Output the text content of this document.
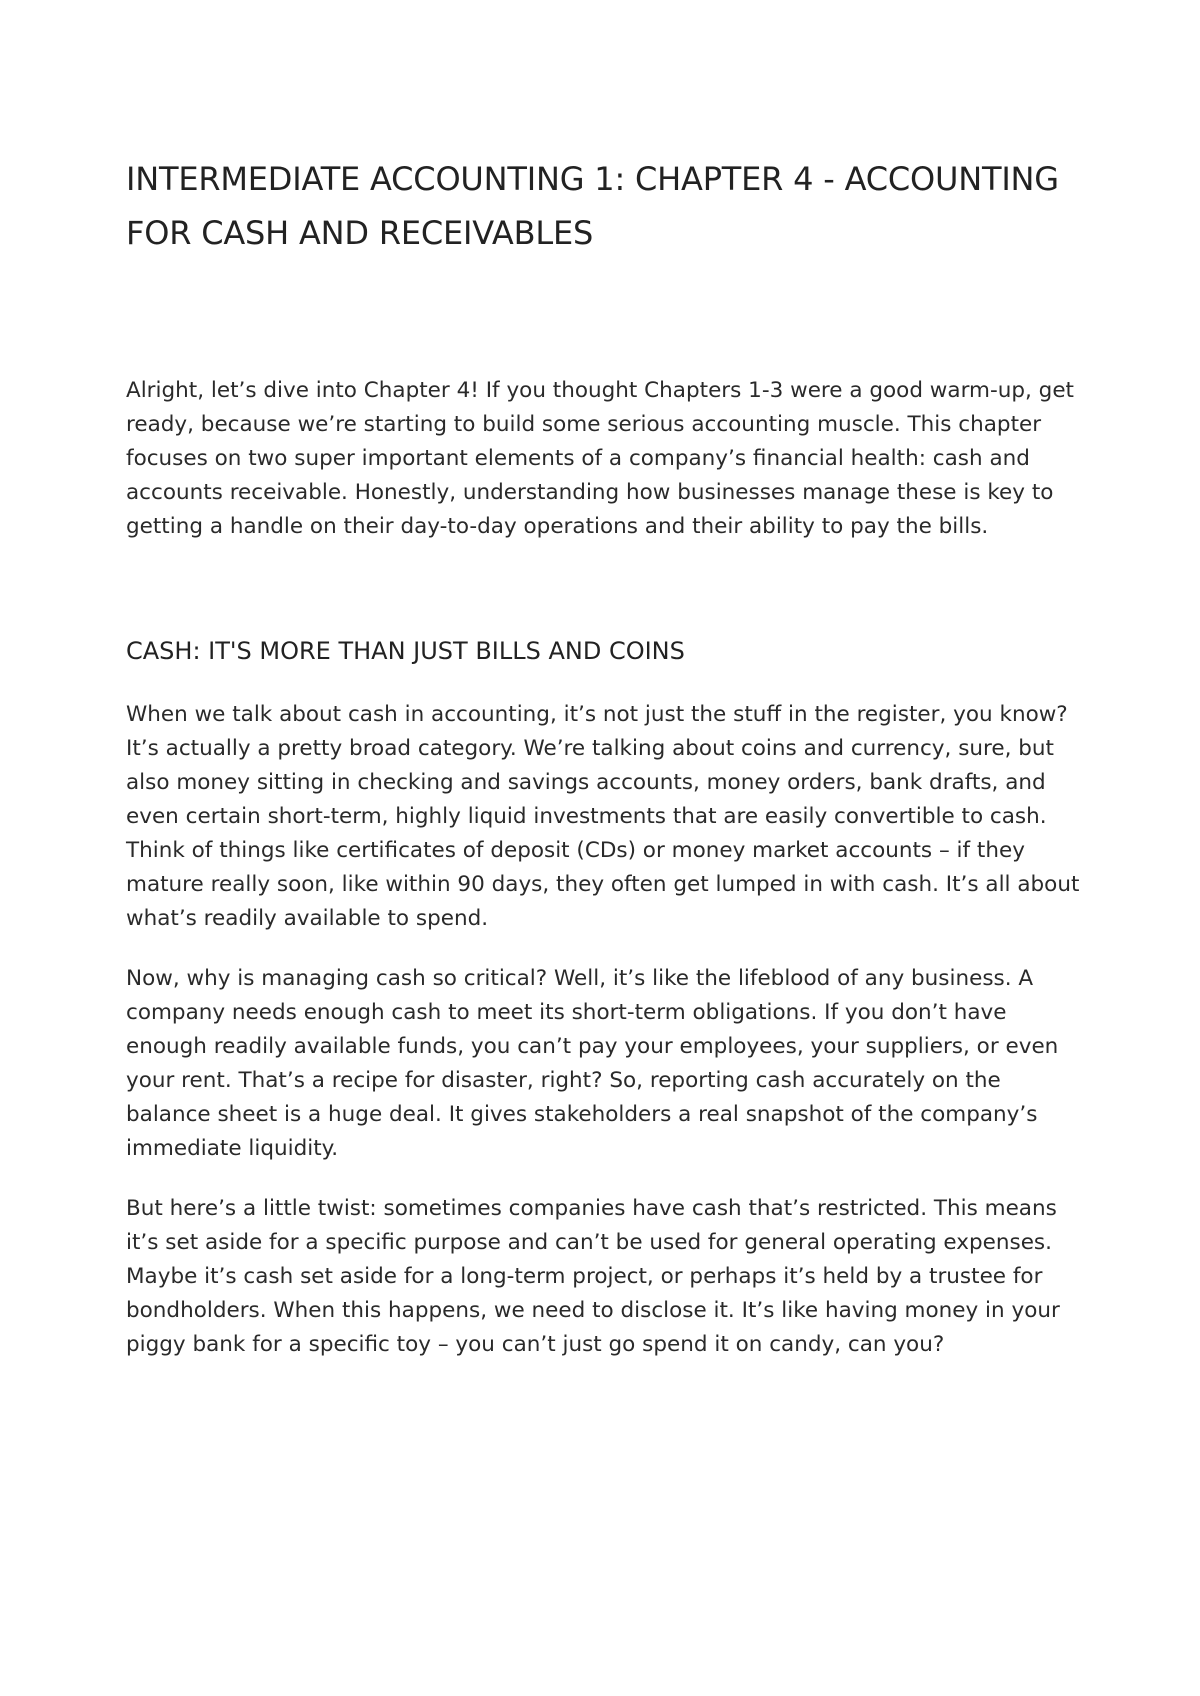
INTERMEDIATE ACCOUNTING 1: CHAPTER 4 - ACCOUNTING FOR CASH AND RECEIVABLES

Alright, let’s dive into Chapter 4! If you thought Chapters 1-3 were a good warm-up, get ready, because we’re starting to build some serious accounting muscle. This chapter focuses on two super important elements of a company’s financial health: cash and accounts receivable. Honestly, understanding how businesses manage these is key to getting a handle on their day-to-day operations and their ability to pay the bills.

CASH: IT'S MORE THAN JUST BILLS AND COINS

When we talk about cash in accounting, it’s not just the stuff in the register, you know? It’s actually a pretty broad category. We’re talking about coins and currency, sure, but also money sitting in checking and savings accounts, money orders, bank drafts, and even certain short-term, highly liquid investments that are easily convertible to cash. Think of things like certificates of deposit (CDs) or money market accounts – if they mature really soon, like within 90 days, they often get lumped in with cash. It’s all about what’s readily available to spend.

Now, why is managing cash so critical? Well, it’s like the lifeblood of any business. A company needs enough cash to meet its short-term obligations. If you don’t have enough readily available funds, you can’t pay your employees, your suppliers, or even your rent. That’s a recipe for disaster, right? So, reporting cash accurately on the balance sheet is a huge deal. It gives stakeholders a real snapshot of the company’s immediate liquidity.

But here’s a little twist: sometimes companies have cash that’s restricted. This means it’s set aside for a specific purpose and can’t be used for general operating expenses. Maybe it’s cash set aside for a long-term project, or perhaps it’s held by a trustee for bondholders. When this happens, we need to disclose it. It’s like having money in your piggy bank for a specific toy – you can’t just go spend it on candy, can you?
